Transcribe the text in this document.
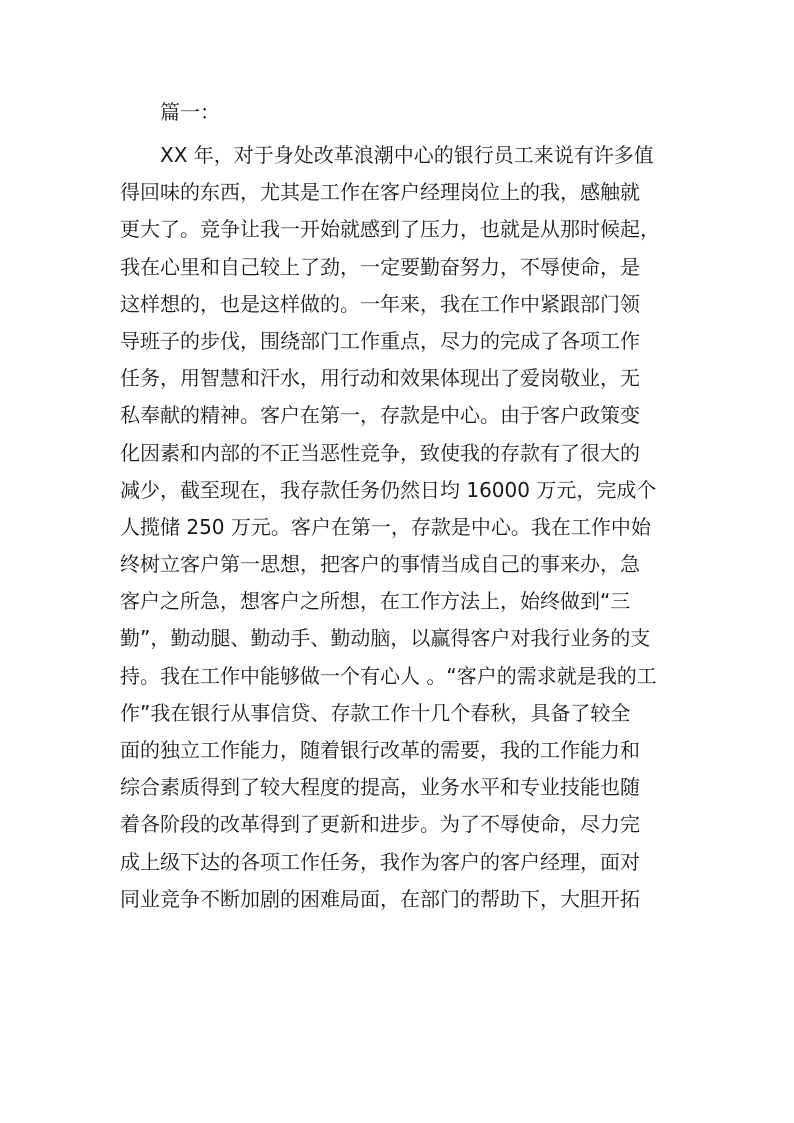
篇一：
XX 年，对于身处改革浪潮中心的银行员工来说有许多值
得回味的东西，尤其是工作在客户经理岗位上的我，感触就
更大了。竞争让我一开始就感到了压力，也就是从那时候起，
我在心里和自己较上了劲，一定要勤奋努力，不辱使命，是
这样想的，也是这样做的。一年来，我在工作中紧跟部门领
导班子的步伐，围绕部门工作重点，尽力的完成了各项工作
任务，用智慧和汗水，用行动和效果体现出了爱岗敬业，无
私奉献的精神。客户在第一，存款是中心。由于客户政策变
化因素和内部的不正当恶性竞争，致使我的存款有了很大的
减少，截至现在，我存款任务仍然日均 16000 万元，完成个
人揽储 250 万元。客户在第一，存款是中心。我在工作中始
终树立客户第一思想，把客户的事情当成自己的事来办，急
客户之所急，想客户之所想，在工作方法上，始终做到“三
勤”，勤动腿、勤动手、勤动脑，以赢得客户对我行业务的支
持。我在工作中能够做一个有心人 。“客户的需求就是我的工
作”我在银行从事信贷、存款工作十几个春秋，具备了较全
面的独立工作能力，随着银行改革的需要，我的工作能力和
综合素质得到了较大程度的提高，业务水平和专业技能也随
着各阶段的改革得到了更新和进步。为了不辱使命，尽力完
成上级下达的各项工作任务，我作为客户的客户经理，面对
同业竞争不断加剧的困难局面，在部门的帮助下，大胆开拓
